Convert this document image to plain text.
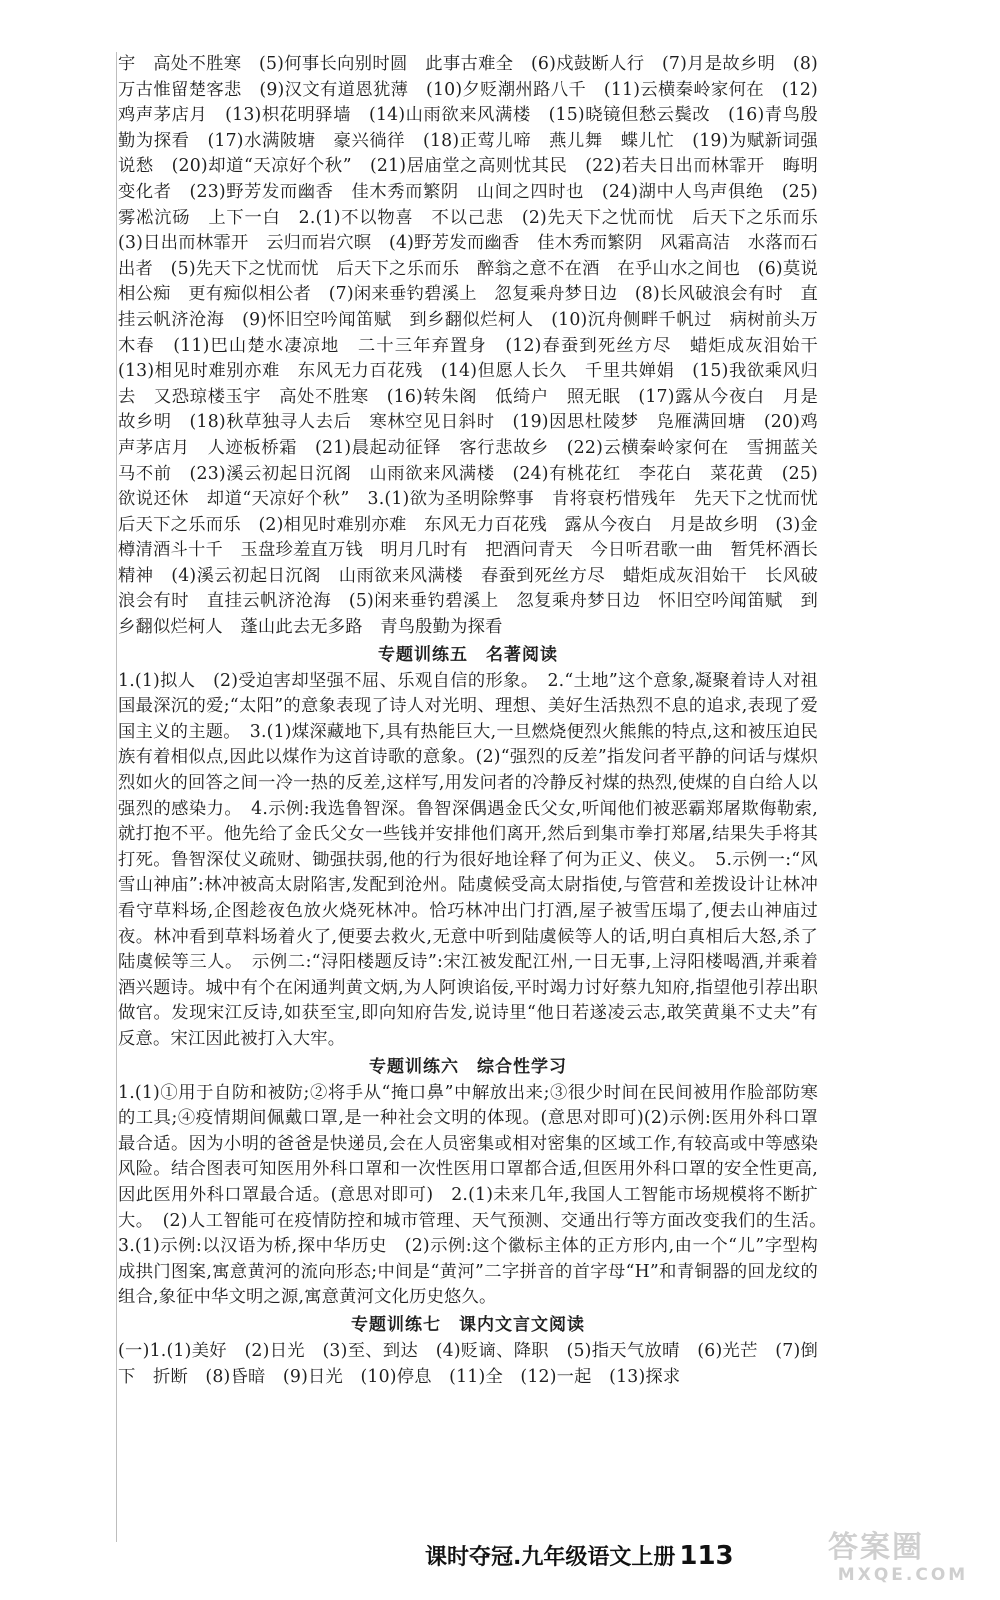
宇　高处不胜寒　(5)何事长向别时圆　此事古难全　(6)戍鼓断人行　(7)月是故乡明　(8)万古惟留楚客悲　(9)汉文有道恩犹薄　(10)夕贬潮州路八千　(11)云横秦岭家何在　(12)鸡声茅店月　(13)枳花明驿墙　(14)山雨欲来风满楼　(15)晓镜但愁云鬓改　(16)青鸟殷勤为探看　(17)水满陂塘　豪兴徜徉　(18)正莺儿啼　燕儿舞　蝶儿忙　(19)为赋新词强说愁　(20)却道“天凉好个秋”　(21)居庙堂之高则忧其民　(22)若夫日出而林霏开　晦明变化者　(23)野芳发而幽香　佳木秀而繁阴　山间之四时也　(24)湖中人鸟声俱绝　(25)雾凇沆砀　上下一白　2.(1)不以物喜　不以己悲　(2)先天下之忧而忧　后天下之乐而乐　(3)日出而林霏开　云归而岩穴暝　(4)野芳发而幽香　佳木秀而繁阴　风霜高洁　水落而石出者　(5)先天下之忧而忧　后天下之乐而乐　醉翁之意不在酒　在乎山水之间也　(6)莫说相公痴　更有痴似相公者　(7)闲来垂钓碧溪上　忽复乘舟梦日边　(8)长风破浪会有时　直挂云帆济沧海　(9)怀旧空吟闻笛赋　到乡翻似烂柯人　(10)沉舟侧畔千帆过　病树前头万木春　(11)巴山楚水凄凉地　二十三年弃置身　(12)春蚕到死丝方尽　蜡炬成灰泪始干　(13)相见时难别亦难　东风无力百花残　(14)但愿人长久　千里共婵娟　(15)我欲乘风归去　又恐琼楼玉宇　高处不胜寒　(16)转朱阁　低绮户　照无眠　(17)露从今夜白　月是故乡明　(18)秋草独寻人去后　寒林空见日斜时　(19)因思杜陵梦　凫雁满回塘　(20)鸡声茅店月　人迹板桥霜　(21)晨起动征铎　客行悲故乡　(22)云横秦岭家何在　雪拥蓝关马不前　(23)溪云初起日沉阁　山雨欲来风满楼　(24)有桃花红　李花白　菜花黄　(25)欲说还休　却道“天凉好个秋”　3.(1)欲为圣明除弊事　肯将衰朽惜残年　先天下之忧而忧　后天下之乐而乐　(2)相见时难别亦难　东风无力百花残　露从今夜白　月是故乡明　(3)金樽清酒斗十千　玉盘珍羞直万钱　明月几时有　把酒问青天　今日听君歌一曲　暂凭杯酒长精神　(4)溪云初起日沉阁　山雨欲来风满楼　春蚕到死丝方尽　蜡炬成灰泪始干　长风破浪会有时　直挂云帆济沧海　(5)闲来垂钓碧溪上　忽复乘舟梦日边　怀旧空吟闻笛赋　到乡翻似烂柯人　蓬山此去无多路　青鸟殷勤为探看

专题训练五　名著阅读

1.(1)拟人　(2)受迫害却坚强不屈、乐观自信的形象。　2.“土地”这个意象,凝聚着诗人对祖国最深沉的爱;“太阳”的意象表现了诗人对光明、理想、美好生活热烈不息的追求,表现了爱国主义的主题。　3.(1)煤深藏地下,具有热能巨大,一旦燃烧便烈火熊熊的特点,这和被压迫民族有着相似点,因此以煤作为这首诗歌的意象。(2)“强烈的反差”指发问者平静的问话与煤炽烈如火的回答之间一冷一热的反差,这样写,用发问者的冷静反衬煤的热烈,使煤的自白给人以强烈的感染力。　4.示例:我选鲁智深。鲁智深偶遇金氏父女,听闻他们被恶霸郑屠欺侮勒索,就打抱不平。他先给了金氏父女一些钱并安排他们离开,然后到集市拳打郑屠,结果失手将其打死。鲁智深仗义疏财、锄强扶弱,他的行为很好地诠释了何为正义、侠义。　5.示例一:“风雪山神庙”:林冲被高太尉陷害,发配到沧州。陆虞候受高太尉指使,与管营和差拨设计让林冲看守草料场,企图趁夜色放火烧死林冲。恰巧林冲出门打酒,屋子被雪压塌了,便去山神庙过夜。林冲看到草料场着火了,便要去救火,无意中听到陆虞候等人的话,明白真相后大怒,杀了陆虞候等三人。　示例二:“浔阳楼题反诗”:宋江被发配江州,一日无事,上浔阳楼喝酒,并乘着酒兴题诗。城中有个在闲通判黄文炳,为人阿谀谄佞,平时竭力讨好蔡九知府,指望他引荐出职做官。发现宋江反诗,如获至宝,即向知府告发,说诗里“他日若遂凌云志,敢笑黄巢不丈夫”有反意。宋江因此被打入大牢。

专题训练六　综合性学习

1.(1)①用于自防和被防;②将手从“掩口鼻”中解放出来;③很少时间在民间被用作脸部防寒的工具;④疫情期间佩戴口罩,是一种社会文明的体现。(意思对即可)(2)示例:医用外科口罩最合适。因为小明的爸爸是快递员,会在人员密集或相对密集的区域工作,有较高或中等感染风险。结合图表可知医用外科口罩和一次性医用口罩都合适,但医用外科口罩的安全性更高,因此医用外科口罩最合适。(意思对即可)　2.(1)未来几年,我国人工智能市场规模将不断扩大。　(2)人工智能可在疫情防控和城市管理、天气预测、交通出行等方面改变我们的生活。　3.(1)示例:以汉语为桥,探中华历史　(2)示例:这个徽标主体的正方形内,由一个“儿”字型构成拱门图案,寓意黄河的流向形态;中间是“黄河”二字拼音的首字母“H”和青铜器的回龙纹的组合,象征中华文明之源,寓意黄河文化历史悠久。

专题训练七　课内文言文阅读

(一)1.(1)美好　(2)日光　(3)至、到达　(4)贬谪、降职　(5)指天气放晴　(6)光芒　(7)倒下　折断　(8)昏暗　(9)日光　(10)停息　(11)全　(12)一起　(13)探求

课时夺冠.九年级语文上册 113	答案圈
MXQE.COM
